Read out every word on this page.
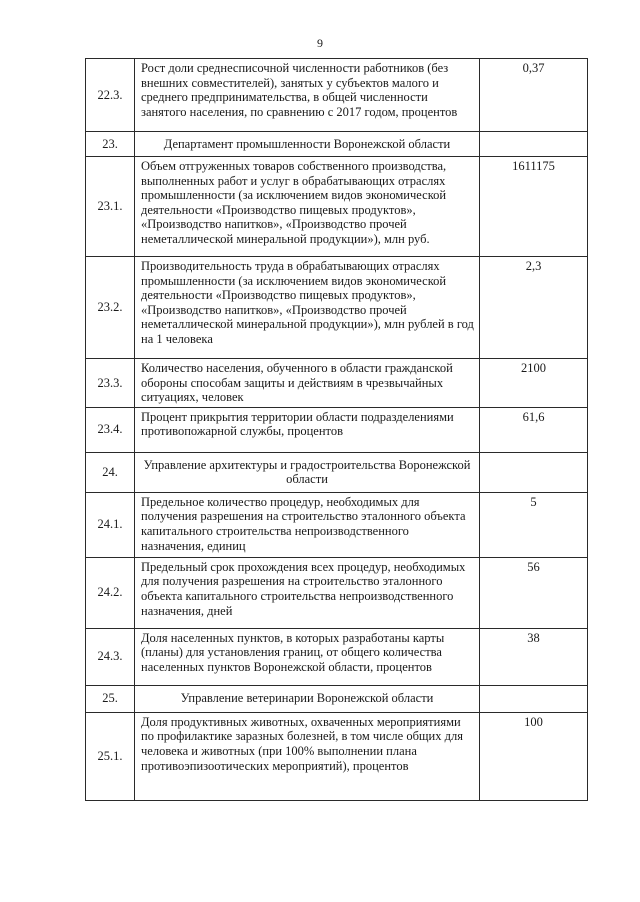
9
22.3.	Рост доли среднесписочной численности работников (без внешних совместителей), занятых у субъектов малого и среднего предпринимательства, в общей численности занятого населения, по сравнению с 2017 годом, процентов	0,37
23.	Департамент промышленности Воронежской области	
23.1.	Объем отгруженных товаров собственного производства, выполненных работ и услуг в обрабатывающих отраслях промышленности (за исключением видов экономической деятельности «Производство пищевых продуктов», «Производство напитков», «Производство прочей неметаллической минеральной продукции»), млн руб.	1611175
23.2.	Производительность труда в обрабатывающих отраслях промышленности (за исключением видов экономической деятельности «Производство пищевых продуктов», «Производство напитков», «Производство прочей неметаллической минеральной продукции»), млн рублей в год на 1 человека	2,3
23.3.	Количество населения, обученного в области гражданской обороны способам защиты и действиям в чрезвычайных ситуациях, человек	2100
23.4.	Процент прикрытия территории области подразделениями противопожарной службы, процентов	61,6
24.	Управление архитектуры и градостроительства Воронежской области	
24.1.	Предельное количество процедур, необходимых для получения разрешения на строительство эталонного объекта капитального строительства непроизводственного назначения, единиц	5
24.2.	Предельный срок прохождения всех процедур, необходимых для получения разрешения на строительство эталонного объекта капитального строительства непроизводственного назначения, дней	56
24.3.	Доля населенных пунктов, в которых разработаны карты (планы) для установления границ, от общего количества населенных пунктов Воронежской области, процентов	38
25.	Управление ветеринарии Воронежской области	
25.1.	Доля продуктивных животных, охваченных мероприятиями по профилактике заразных болезней, в том числе общих для человека и животных (при 100% выполнении плана противоэпизоотических мероприятий), процентов	100
